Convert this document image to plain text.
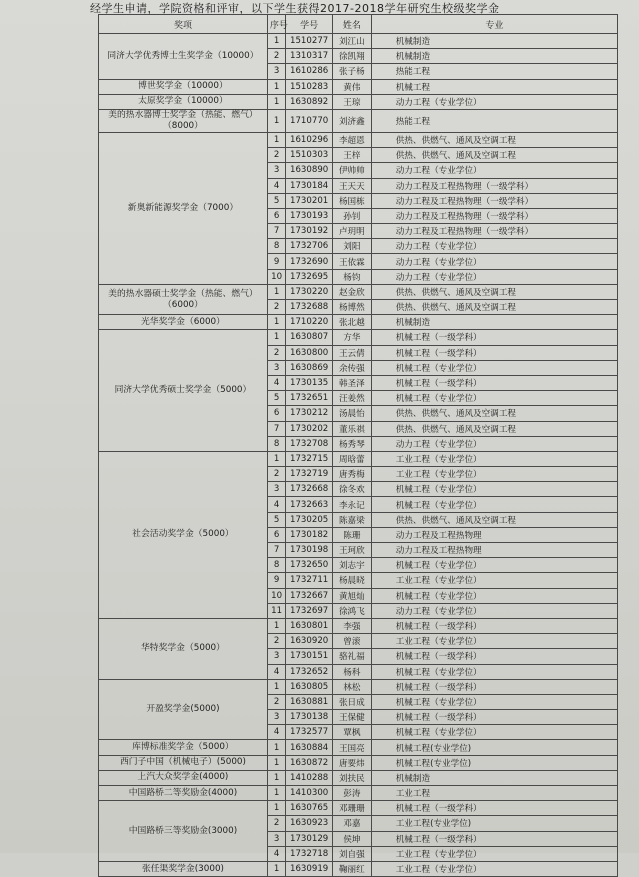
经学生申请，学院资格和评审，以下学生获得2017-2018学年研究生校级奖学金
奖项	序号	学号	姓名	专业
同济大学优秀博士生奖学金（10000）	1	1510277	刘江山	机械制造
	2	1310317	徐凯翔	机械制造
	3	1610286	张子杨	热能工程
博世奖学金（10000）	1	1510283	黄伟	机械工程
太原奖学金（10000）	1	1630892	王琼	动力工程（专业学位）
美的热水器博士奖学金（热能、燃气）（8000）	1	1710770	刘济鑫	热能工程
新奥新能源奖学金（7000）	1	1610296	李超恩	供热、供燃气、通风及空调工程
	2	1510303	王梓	供热、供燃气、通风及空调工程
	3	1630890	伊帅帅	动力工程（专业学位）
	4	1730184	王天天	动力工程及工程热物理（一级学科）
	5	1730201	杨国栋	动力工程及工程热物理（一级学科）
	6	1730193	孙钊	动力工程及工程热物理（一级学科）
	7	1730192	卢玥明	动力工程及工程热物理（一级学科）
	8	1732706	刘阳	动力工程（专业学位）
	9	1732690	王依霖	动力工程（专业学位）
	10	1732695	杨钧	动力工程（专业学位）
美的热水器硕士奖学金（热能、燃气）（6000）	1	1730220	赵金欣	供热、供燃气、通风及空调工程
	2	1732688	杨博然	供热、供燃气、通风及空调工程
光华奖学金（6000）	1	1710220	张北越	机械制造
同济大学优秀硕士奖学金（5000）	1	1630807	方华	机械工程（一级学科）
	2	1630800	王云倩	机械工程（一级学科）
	3	1630869	余传强	机械工程（专业学位）
	4	1730135	韩圣泽	机械工程（一级学科）
	5	1732651	汪姜然	机械工程（专业学位）
	6	1730212	汤晨怡	供热、供燃气、通风及空调工程
	7	1730202	董乐祺	供热、供燃气、通风及空调工程
	8	1732708	杨秀琴	动力工程（专业学位）
社会活动奖学金（5000）	1	1732715	周晗蕾	工业工程（专业学位）
	2	1732719	唐秀梅	工业工程（专业学位）
	3	1732668	徐冬欢	机械工程（专业学位）
	4	1732663	李永记	机械工程（专业学位）
	5	1730205	陈嘉梁	供热、供燃气、通风及空调工程
	6	1730182	陈珊	动力工程及工程热物理
	7	1730198	王珂欣	动力工程及工程热物理
	8	1732650	刘志宇	机械工程（专业学位）
	9	1732711	杨晨晓	工业工程（专业学位）
	10	1732667	黄旭灿	机械工程（专业学位）
	11	1732697	徐鸿飞	动力工程（专业学位）
华特奖学金（5000）	1	1630801	李强	机械工程（一级学科）
	2	1630920	曾滚	工业工程（专业学位）
	3	1730151	骆礼福	机械工程（一级学科）
	4	1732652	杨科	机械工程（专业学位）
开盈奖学金(5000)	1	1630805	林松	机械工程（一级学科）
	2	1630881	张日成	机械工程（专业学位）
	3	1730138	王保健	机械工程（一级学科）
	4	1732577	覃枫	机械工程（专业学位）
库博标准奖学金（5000）	1	1630884	王国亮	机械工程(专业学位)
西门子中国（机械电子）(5000)	1	1630872	唐要炜	机械工程(专业学位)
上汽大众奖学金(4000)	1	1410288	刘扶民	机械制造
中国路桥二等奖励金(4000)	1	1410300	彭涛	工业工程
中国路桥三等奖励金(3000)	1	1630765	邓珊珊	机械工程（一级学科）
	2	1630923	邓嘉	工业工程(专业学位)
	3	1730129	侯坤	机械工程（一级学科）
	4	1732718	刘自强	工业工程（专业学位）
张任渠奖学金(3000)	1	1630919	鞠丽红	工业工程（专业学位）
